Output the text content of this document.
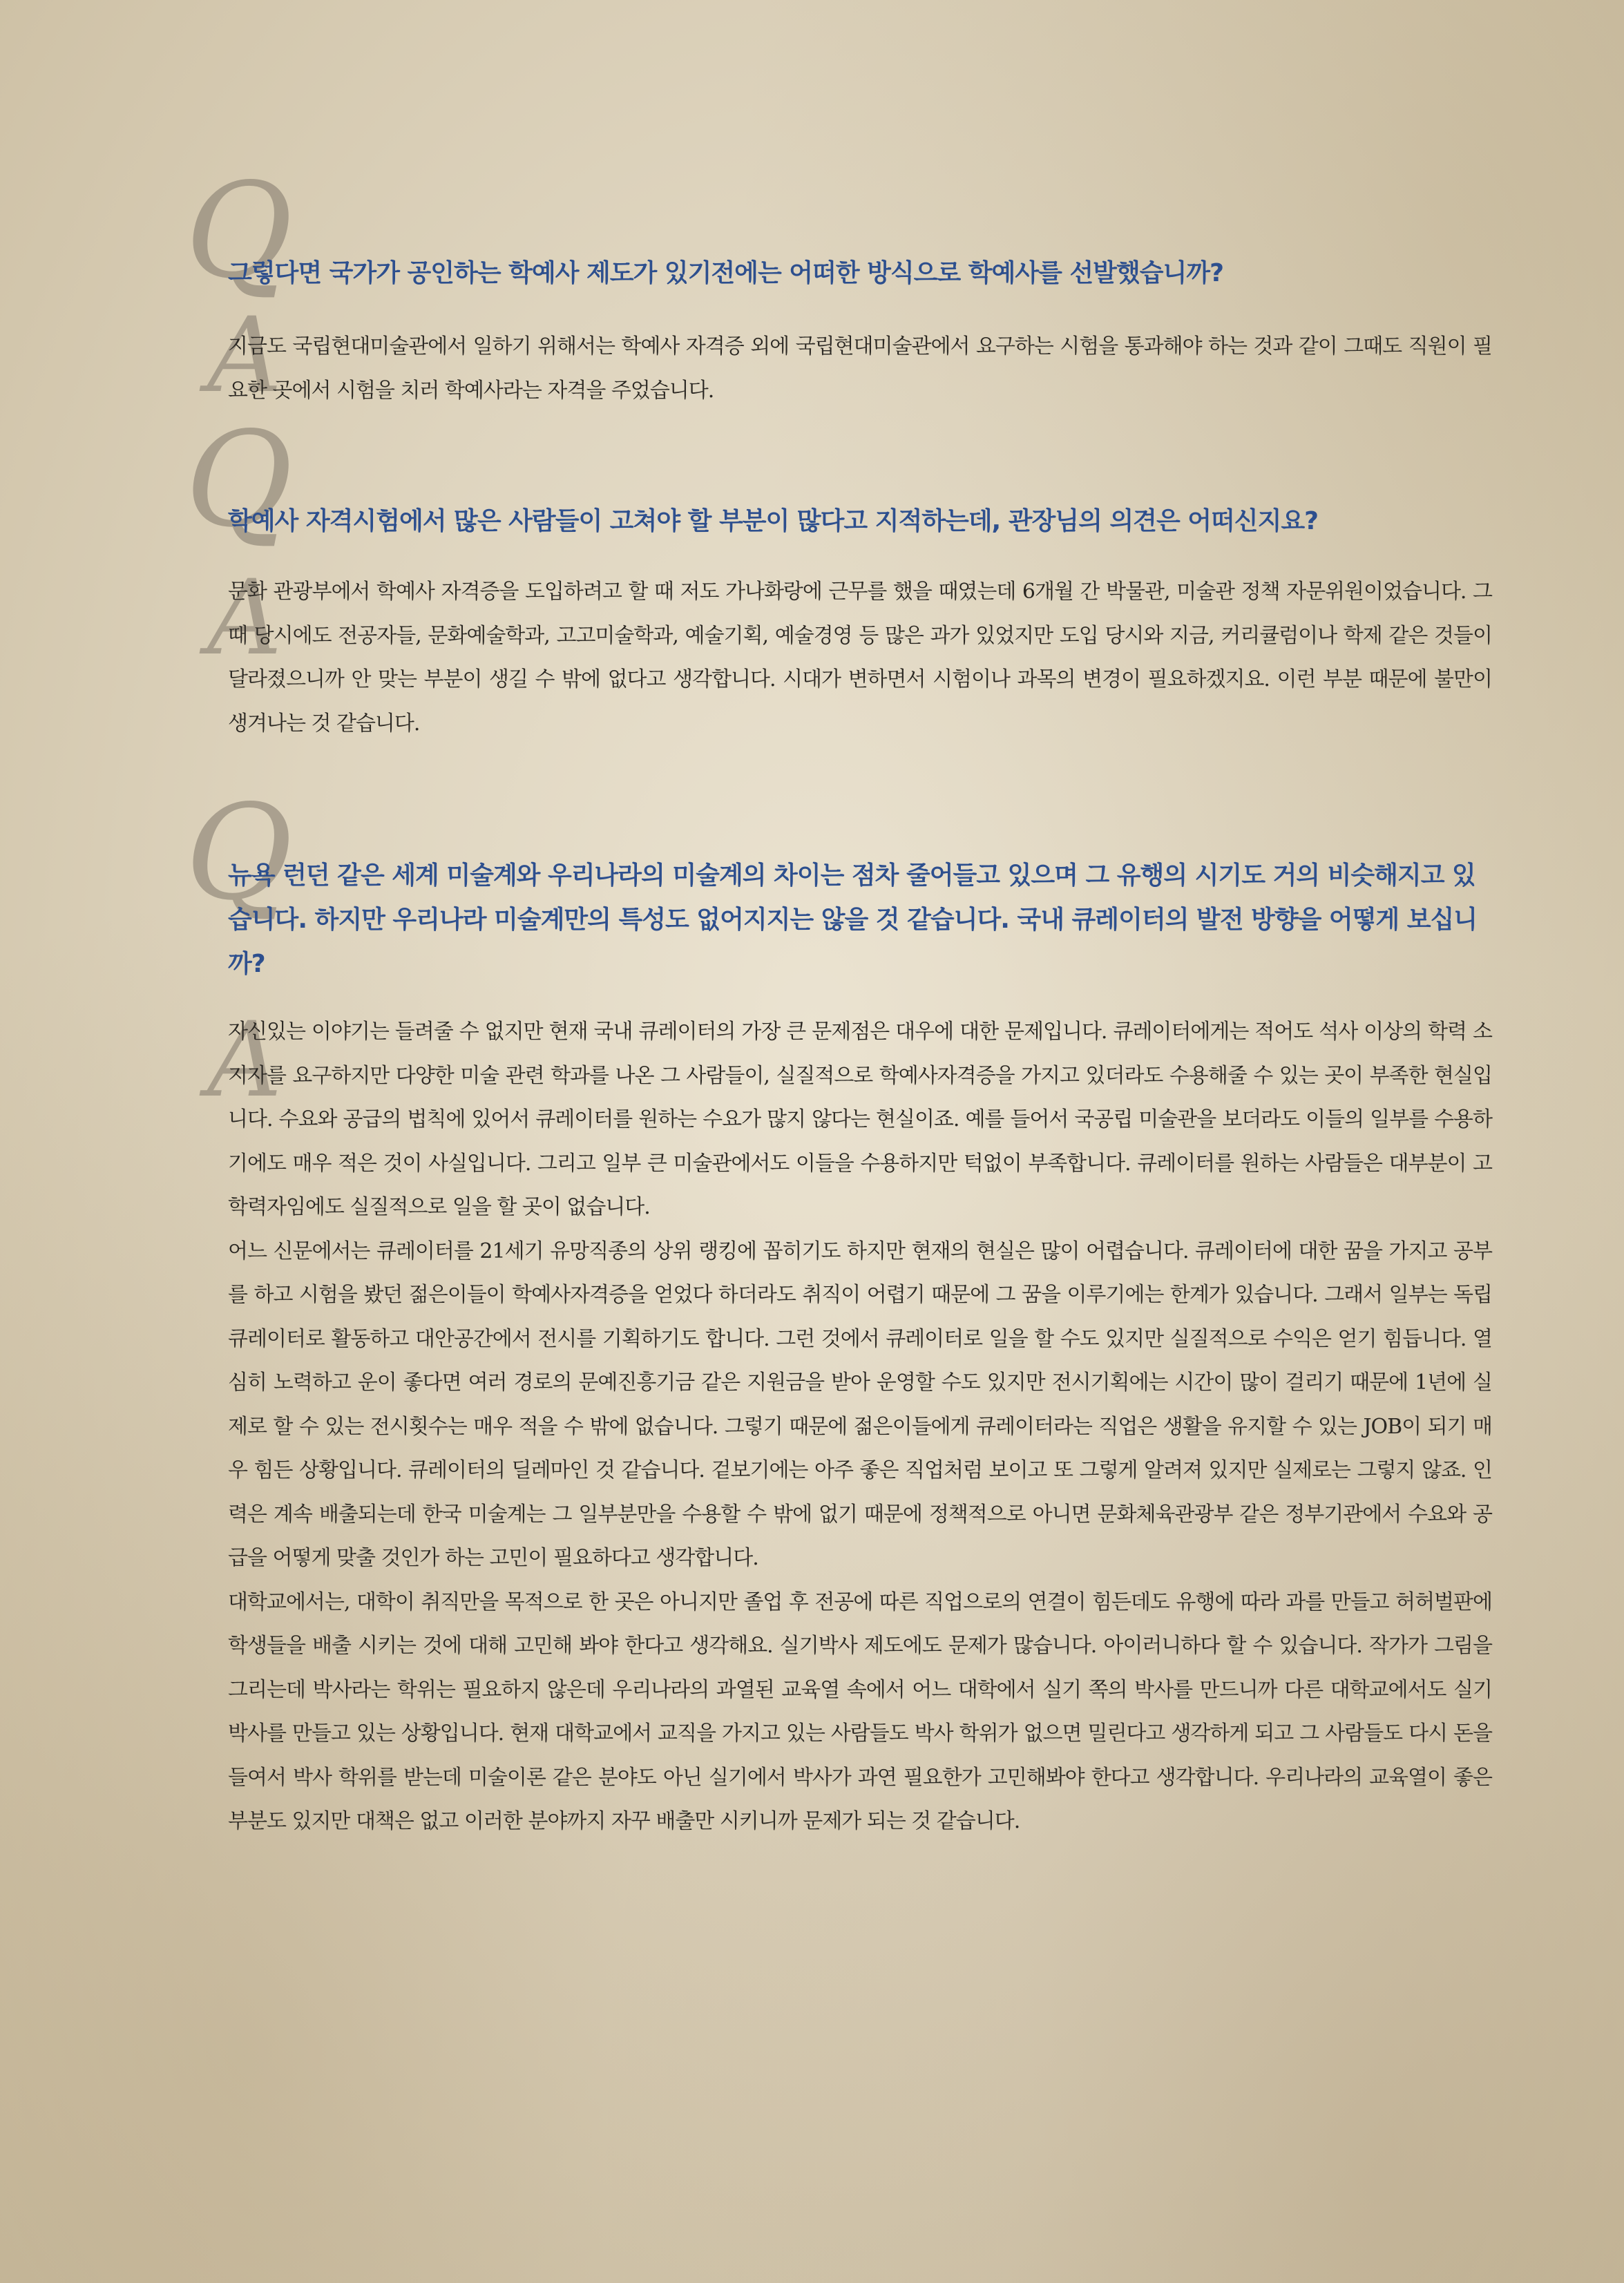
Q
A
그렇다면 국가가 공인하는 학예사 제도가 있기전에는 어떠한 방식으로 학예사를 선발했습니까?

지금도 국립현대미술관에서 일하기 위해서는 학예사 자격증 외에 국립현대미술관에서 요구하는 시험을 통과해야 하는 것과 같이 그때도 직원이 필요한 곳에서 시험을 치러 학예사라는 자격을 주었습니다.

Q
A
학예사 자격시험에서 많은 사람들이 고쳐야 할 부분이 많다고 지적하는데, 관장님의 의견은 어떠신지요?

문화 관광부에서 학예사 자격증을 도입하려고 할 때 저도 가나화랑에 근무를 했을 때였는데 6개월 간 박물관, 미술관 정책 자문위원이었습니다. 그때 당시에도 전공자들, 문화예술학과, 고고미술학과, 예술기획, 예술경영 등 많은 과가 있었지만 도입 당시와 지금, 커리큘럼이나 학제 같은 것들이 달라졌으니까 안 맞는 부분이 생길 수 밖에 없다고 생각합니다. 시대가 변하면서 시험이나 과목의 변경이 필요하겠지요. 이런 부분 때문에 불만이 생겨나는 것 같습니다.

Q
A
뉴욕 런던 같은 세계 미술계와 우리나라의 미술계의 차이는 점차 줄어들고 있으며 그 유행의 시기도 거의 비슷해지고 있습니다. 하지만 우리나라 미술계만의 특성도 없어지지는 않을 것 같습니다. 국내 큐레이터의 발전 방향을 어떻게 보십니까?

자신있는 이야기는 들려줄 수 없지만 현재 국내 큐레이터의 가장 큰 문제점은 대우에 대한 문제입니다. 큐레이터에게는 적어도 석사 이상의 학력 소지자를 요구하지만 다양한 미술 관련 학과를 나온 그 사람들이, 실질적으로 학예사자격증을 가지고 있더라도 수용해줄 수 있는 곳이 부족한 현실입니다. 수요와 공급의 법칙에 있어서 큐레이터를 원하는 수요가 많지 않다는 현실이죠. 예를 들어서 국공립 미술관을 보더라도 이들의 일부를 수용하기에도 매우 적은 것이 사실입니다. 그리고 일부 큰 미술관에서도 이들을 수용하지만 턱없이 부족합니다. 큐레이터를 원하는 사람들은 대부분이 고학력자임에도 실질적으로 일을 할 곳이 없습니다.

어느 신문에서는 큐레이터를 21세기 유망직종의 상위 랭킹에 꼽히기도 하지만 현재의 현실은 많이 어렵습니다. 큐레이터에 대한 꿈을 가지고 공부를 하고 시험을 봤던 젊은이들이 학예사자격증을 얻었다 하더라도 취직이 어렵기 때문에 그 꿈을 이루기에는 한계가 있습니다. 그래서 일부는 독립큐레이터로 활동하고 대안공간에서 전시를 기획하기도 합니다. 그런 것에서 큐레이터로 일을 할 수도 있지만 실질적으로 수익은 얻기 힘듭니다. 열심히 노력하고 운이 좋다면 여러 경로의 문예진흥기금 같은 지원금을 받아 운영할 수도 있지만 전시기획에는 시간이 많이 걸리기 때문에 1년에 실제로 할 수 있는 전시횟수는 매우 적을 수 밖에 없습니다. 그렇기 때문에 젊은이들에게 큐레이터라는 직업은 생활을 유지할 수 있는 JOB이 되기 매우 힘든 상황입니다. 큐레이터의 딜레마인 것 같습니다. 겉보기에는 아주 좋은 직업처럼 보이고 또 그렇게 알려져 있지만 실제로는 그렇지 않죠. 인력은 계속 배출되는데 한국 미술계는 그 일부분만을 수용할 수 밖에 없기 때문에 정책적으로 아니면 문화체육관광부 같은 정부기관에서 수요와 공급을 어떻게 맞출 것인가 하는 고민이 필요하다고 생각합니다.

대학교에서는, 대학이 취직만을 목적으로 한 곳은 아니지만 졸업 후 전공에 따른 직업으로의 연결이 힘든데도 유행에 따라 과를 만들고 허허벌판에 학생들을 배출 시키는 것에 대해 고민해 봐야 한다고 생각해요. 실기박사 제도에도 문제가 많습니다. 아이러니하다 할 수 있습니다. 작가가 그림을 그리는데 박사라는 학위는 필요하지 않은데 우리나라의 과열된 교육열 속에서 어느 대학에서 실기 쪽의 박사를 만드니까 다른 대학교에서도 실기 박사를 만들고 있는 상황입니다. 현재 대학교에서 교직을 가지고 있는 사람들도 박사 학위가 없으면 밀린다고 생각하게 되고 그 사람들도 다시 돈을 들여서 박사 학위를 받는데 미술이론 같은 분야도 아닌 실기에서 박사가 과연 필요한가 고민해봐야 한다고 생각합니다. 우리나라의 교육열이 좋은 부분도 있지만 대책은 없고 이러한 분야까지 자꾸 배출만 시키니까 문제가 되는 것 같습니다.
